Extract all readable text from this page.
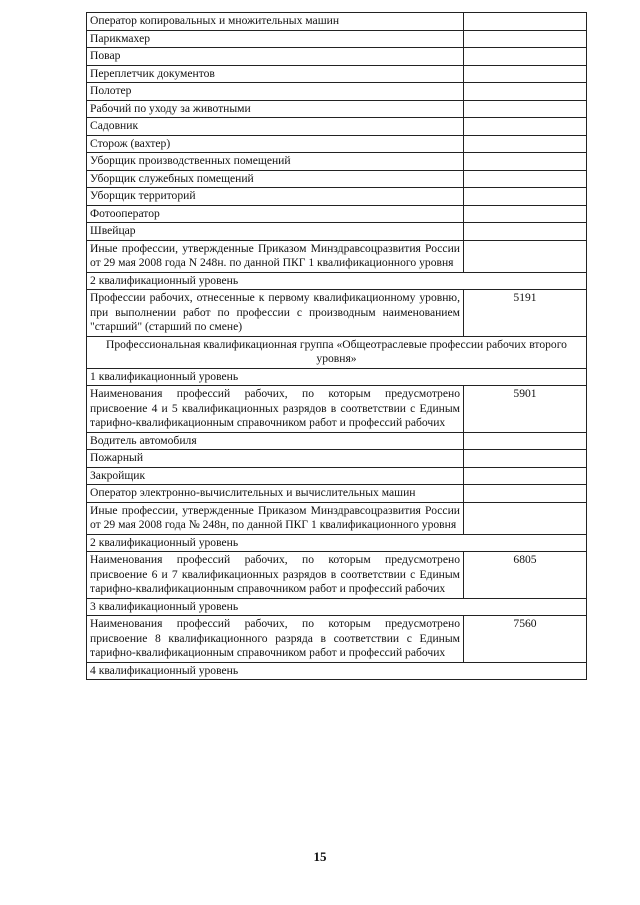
Оператор копировальных и множительных машин	
Парикмахер	
Повар	
Переплетчик документов	
Полотер	
Рабочий по уходу за животными	
Садовник	
Сторож (вахтер)	
Уборщик производственных помещений	
Уборщик служебных помещений	
Уборщик территорий	
Фотооператор	
Швейцар	
Иные профессии, утвержденные Приказом Минздравсоцразвития России от 29 мая 2008 года N 248н. по данной ПКГ 1 квалификационного уровня	
2 квалификационный уровень	
Профессии рабочих, отнесенные к первому квалификационному уровню, при выполнении работ по профессии с производным наименованием "старший" (старший по смене)	5191
Профессиональная квалификационная группа «Общеотраслевые профессии рабочих второго уровня»	
1 квалификационный уровень	
Наименования профессий рабочих, по которым предусмотрено присвоение 4 и 5 квалификационных разрядов в соответствии с Единым тарифно-квалификационным справочником работ и профессий рабочих	5901
Водитель автомобиля	
Пожарный	
Закройщик	
Оператор электронно-вычислительных и вычислительных машин	
Иные профессии, утвержденные Приказом Минздравсоцразвития России от 29 мая 2008 года № 248н, по данной ПКГ 1 квалификационного уровня	
2 квалификационный уровень	
Наименования профессий рабочих, по которым предусмотрено присвоение 6 и 7 квалификационных разрядов в соответствии с Единым тарифно-квалификационным справочником работ и профессий рабочих	6805
3 квалификационный уровень	
Наименования профессий рабочих, по которым предусмотрено присвоение 8 квалификационного разряда в соответствии с Единым тарифно-квалификационным справочником работ и профессий рабочих	7560
4 квалификационный уровень	
15
